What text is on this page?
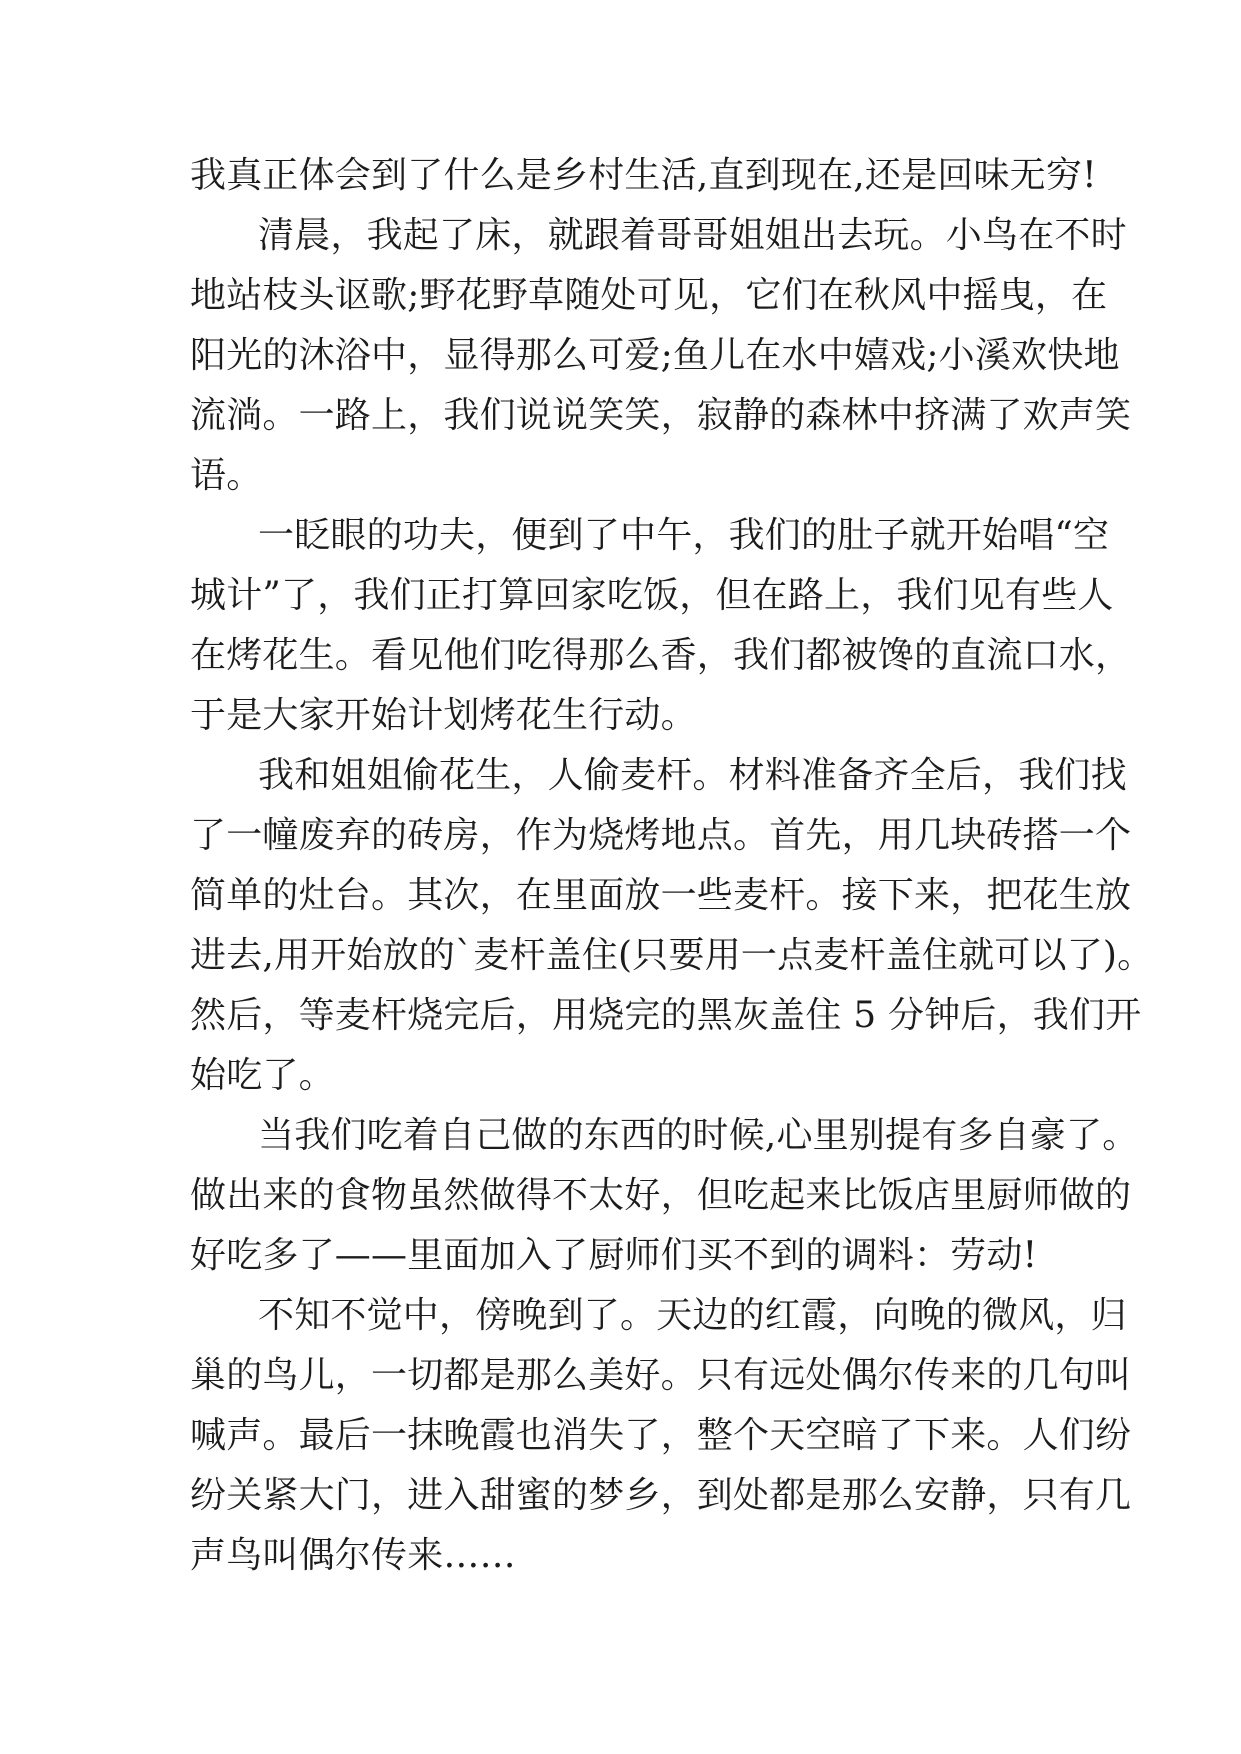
我真正体会到了什么是乡村生活,直到现在,还是回味无穷!
清晨，我起了床，就跟着哥哥姐姐出去玩。小鸟在不时
地站枝头讴歌;野花野草随处可见，它们在秋风中摇曳，在
阳光的沐浴中，显得那么可爱;鱼儿在水中嬉戏;小溪欢快地
流淌。一路上，我们说说笑笑，寂静的森林中挤满了欢声笑
语。
一眨眼的功夫，便到了中午，我们的肚子就开始唱“空
城计”了，我们正打算回家吃饭，但在路上，我们见有些人
在烤花生。看见他们吃得那么香，我们都被馋的直流口水，
于是大家开始计划烤花生行动。
我和姐姐偷花生，人偷麦杆。材料准备齐全后，我们找
了一幢废弃的砖房，作为烧烤地点。首先，用几块砖搭一个
简单的灶台。其次，在里面放一些麦杆。接下来，把花生放
进去,用开始放的`麦杆盖住(只要用一点麦杆盖住就可以了)。
然后，等麦杆烧完后，用烧完的黑灰盖住 5 分钟后，我们开
始吃了。
当我们吃着自己做的东西的时候,心里别提有多自豪了。
做出来的食物虽然做得不太好，但吃起来比饭店里厨师做的
好吃多了——里面加入了厨师们买不到的调料：劳动!
不知不觉中，傍晚到了。天边的红霞，向晚的微风，归
巢的鸟儿，一切都是那么美好。只有远处偶尔传来的几句叫
喊声。最后一抹晚霞也消失了，整个天空暗了下来。人们纷
纷关紧大门，进入甜蜜的梦乡，到处都是那么安静，只有几
声鸟叫偶尔传来……
